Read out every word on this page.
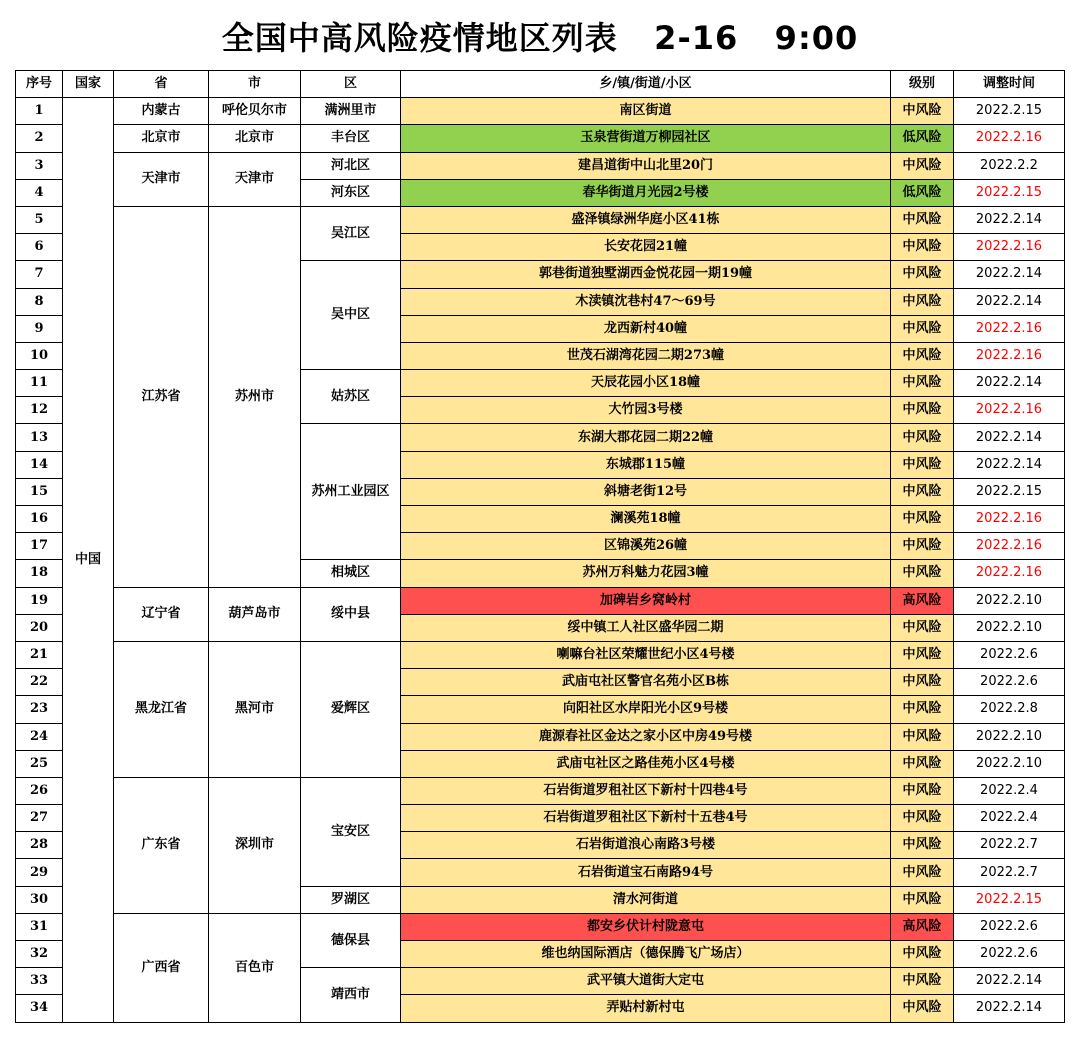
全国中高风险疫情地区列表 2-16 9:00
序号	国家	省	市	区	乡/镇/街道/小区	级别	调整时间
1	中国	内蒙古	呼伦贝尔市	满洲里市	南区街道	中风险	2022.2.15
2		北京市	北京市	丰台区	玉泉营街道万柳园社区	低风险	2022.2.16
3		天津市	天津市	河北区	建昌道街中山北里20门	中风险	2022.2.2
4				河东区	春华街道月光园2号楼	低风险	2022.2.15
5		江苏省	苏州市	吴江区	盛泽镇绿洲华庭小区41栋	中风险	2022.2.14
6					长安花园21幢	中风险	2022.2.16
7				吴中区	郭巷街道独墅湖西金悦花园一期19幢	中风险	2022.2.14
8					木渎镇沈巷村47～69号	中风险	2022.2.14
9					龙西新村40幢	中风险	2022.2.16
10					世茂石湖湾花园二期273幢	中风险	2022.2.16
11				姑苏区	天辰花园小区18幢	中风险	2022.2.14
12					大竹园3号楼	中风险	2022.2.16
13				苏州工业园区	东湖大郡花园二期22幢	中风险	2022.2.14
14					东城郡115幢	中风险	2022.2.14
15					斜塘老街12号	中风险	2022.2.15
16					澜溪苑18幢	中风险	2022.2.16
17					区锦溪苑26幢	中风险	2022.2.16
18				相城区	苏州万科魅力花园3幢	中风险	2022.2.16
19		辽宁省	葫芦岛市	绥中县	加碑岩乡窝岭村	高风险	2022.2.10
20					绥中镇工人社区盛华园二期	中风险	2022.2.10
21		黑龙江省	黑河市	爱辉区	喇嘛台社区荣耀世纪小区4号楼	中风险	2022.2.6
22					武庙屯社区警官名苑小区B栋	中风险	2022.2.6
23					向阳社区水岸阳光小区9号楼	中风险	2022.2.8
24					鹿源春社区金达之家小区中房49号楼	中风险	2022.2.10
25					武庙屯社区之路佳苑小区4号楼	中风险	2022.2.10
26		广东省	深圳市	宝安区	石岩街道罗租社区下新村十四巷4号	中风险	2022.2.4
27					石岩街道罗租社区下新村十五巷4号	中风险	2022.2.4
28					石岩街道浪心南路3号楼	中风险	2022.2.7
29					石岩街道宝石南路94号	中风险	2022.2.7
30				罗湖区	清水河街道	中风险	2022.2.15
31		广西省	百色市	德保县	都安乡伏计村陇意屯	高风险	2022.2.6
32					维也纳国际酒店（德保腾飞广场店）	中风险	2022.2.6
33				靖西市	武平镇大道街大定屯	中风险	2022.2.14
34					弄贴村新村屯	中风险	2022.2.14
